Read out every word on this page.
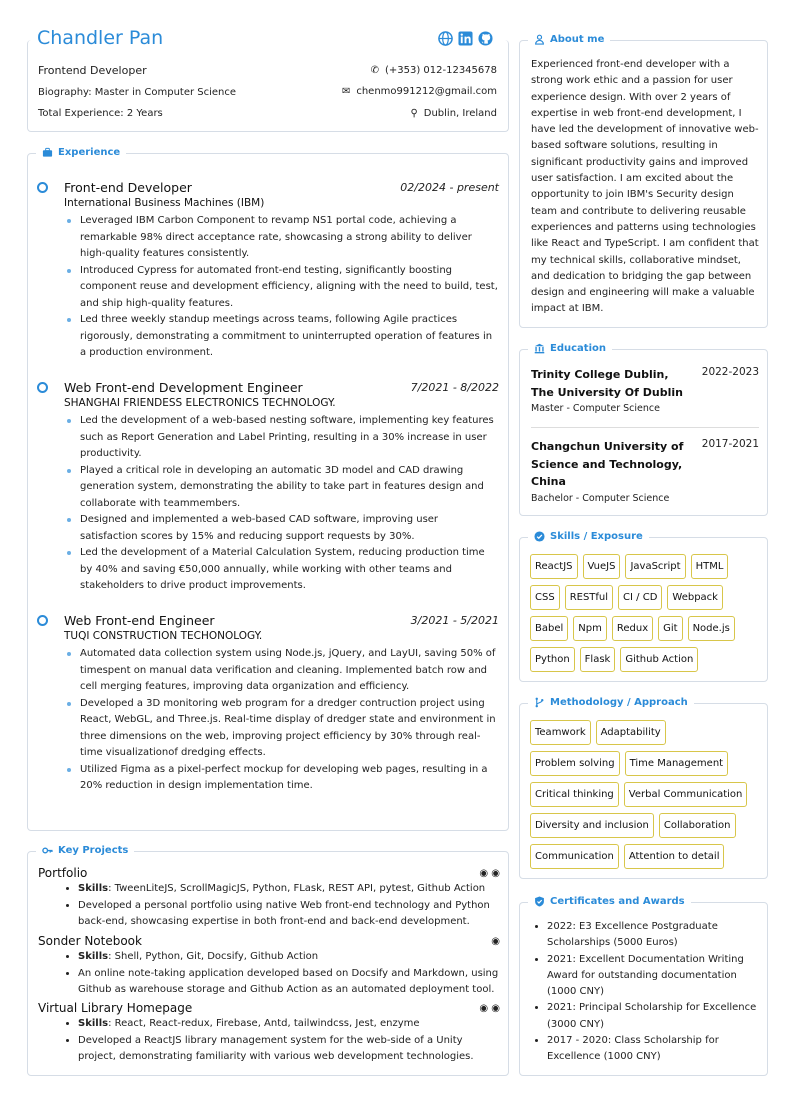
Chandler Pan
Frontend Developer	✆ (+353) 012-12345678
Biography: Master in Computer Science	✉ chenmo991212@gmail.com
Total Experience: 2 Years	⚲ Dublin, Ireland
Experience
Front-end Developer	02/2024 - present
International Business Machines (IBM)
Leveraged IBM Carbon Component to revamp NS1 portal code, achieving a remarkable 98% direct acceptance rate, showcasing a strong ability to deliver high-quality features consistently.
Introduced Cypress for automated front-end testing, significantly boosting component reuse and development efficiency, aligning with the need to build, test, and ship high-quality features.
Led three weekly standup meetings across teams, following Agile practices rigorously, demonstrating a commitment to uninterrupted operation of features in a production environment.
Web Front-end Development Engineer	7/2021 - 8/2022
SHANGHAI FRIENDESS ELECTRONICS TECHNOLOGY.
Led the development of a web-based nesting software, implementing key features such as Report Generation and Label Printing, resulting in a 30% increase in user productivity.
Played a critical role in developing an automatic 3D model and CAD drawing generation system, demonstrating the ability to take part in features design and collaborate with teammembers.
Designed and implemented a web-based CAD software, improving user satisfaction scores by 15% and reducing support requests by 30%.
Led the development of a Material Calculation System, reducing production time by 40% and saving €50,000 annually, while working with other teams and stakeholders to drive product improvements.
Web Front-end Engineer	3/2021 - 5/2021
TUQI CONSTRUCTION TECHONOLOGY.
Automated data collection system using Node.js, jQuery, and LayUI, saving 50% of timespent on manual data verification and cleaning. Implemented batch row and cell merging features, improving data organization and efficiency.
Developed a 3D monitoring web program for a dredger contruction project using React, WebGL, and Three.js. Real-time display of dredger state and environment in three dimensions on the web, improving project efficiency by 30% through real-time visualizationof dredging effects.
Utilized Figma as a pixel-perfect mockup for developing web pages, resulting in a 20% reduction in design implementation time.
Key Projects
Portfolio	◉ ◉
• Skills: TweenLiteJS, ScrollMagicJS, Python, FLask, REST API, pytest, Github Action
• Developed a personal portfolio using native Web front-end technology and Python back-end, showcasing expertise in both front-end and back-end development.
Sonder Notebook	◉
• Skills: Shell, Python, Git, Docsify, Github Action
• An online note-taking application developed based on Docsify and Markdown, using Github as warehouse storage and Github Action as an automated deployment tool.
Virtual Library Homepage	◉ ◉
• Skills: React, React-redux, Firebase, Antd, tailwindcss, Jest, enzyme
• Developed a ReactJS library management system for the web-side of a Unity project, demonstrating familiarity with various web development technologies.
About me

Experienced front-end developer with a strong work ethic and a passion for user experience design. With over 2 years of expertise in web front-end development, I have led the development of innovative web-based software solutions, resulting in significant productivity gains and improved user satisfaction. I am excited about the opportunity to join IBM's Security design team and contribute to delivering reusable experiences and patterns using technologies like React and TypeScript. I am confident that my technical skills, collaborative mindset, and dedication to bridging the gap between design and engineering will make a valuable impact at IBM.

Education
Trinity College Dublin, The University Of Dublin
2022-2023
Master - Computer Science
Changchun University of Science and Technology, China
2017-2021
Bachelor - Computer Science
Skills / Exposure
ReactJS	VueJS	JavaScript	HTML
CSS	RESTful	CI / CD	Webpack
Babel	Npm	Redux	Git	Node.js
Python	Flask	Github Action
Methodology / Approach
Teamwork	Adaptability
Problem solving	Time Management
Critical thinking	Verbal Communication
Diversity and inclusion	Collaboration
Communication	Attention to detail
Certificates and Awards
• 2022: E3 Excellence Postgraduate Scholarships (5000 Euros)
• 2021: Excellent Documentation Writing Award for outstanding documentation (1000 CNY)
• 2021: Principal Scholarship for Excellence (3000 CNY)
• 2017 - 2020: Class Scholarship for Excellence (1000 CNY)
